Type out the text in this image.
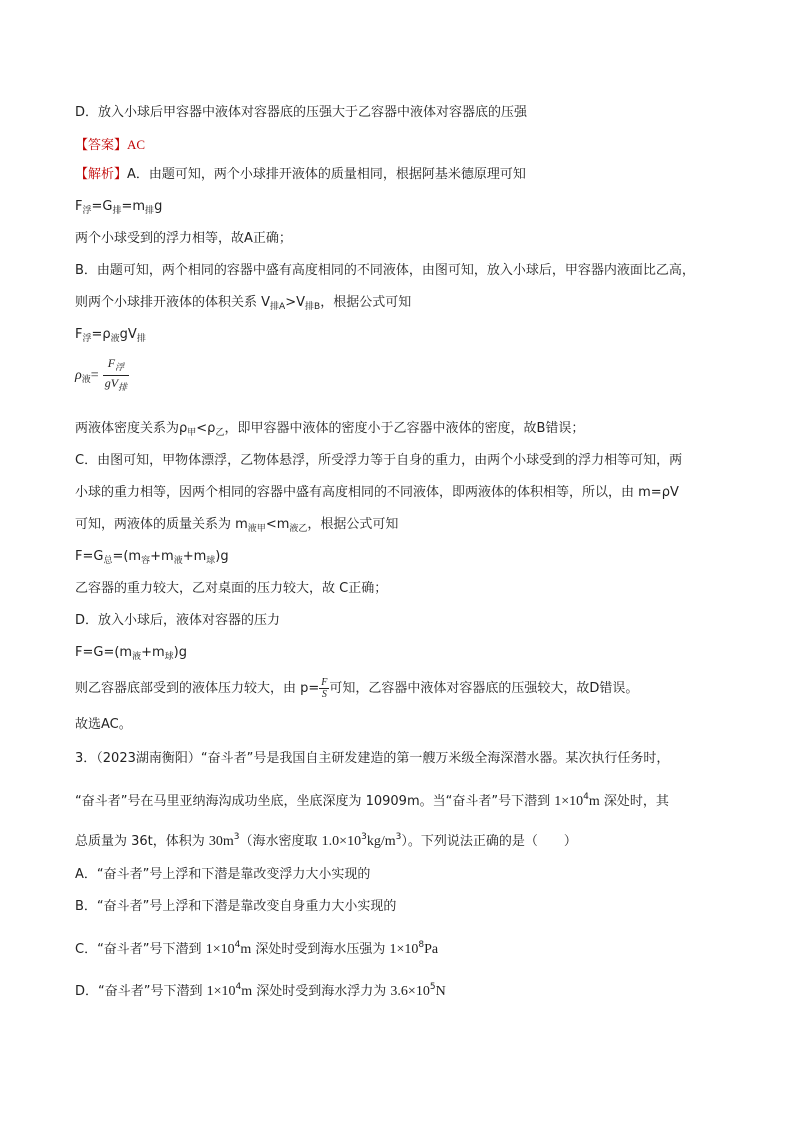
D．放入小球后甲容器中液体对容器底的压强大于乙容器中液体对容器底的压强
【答案】AC
【解析】A．由题可知，两个小球排开液体的质量相同，根据阿基米德原理可知
$F_浮=G_排=m_排g$
两个小球受到的浮力相等，故A正确；
B．由题可知，两个相同的容器中盛有高度相同的不同液体，由图可知，放入小球后，甲容器内液面比乙高，
则两个小球排开液体的体积关系 $V_{排A}>V_{排B}$，根据公式可知
$F_浮=\rho_液gV_排$
$\rho_液= \frac{F_浮}{gV_排}$
两液体密度关系为$\rho_甲<\rho_乙$，即甲容器中液体的密度小于乙容器中液体的密度，故B错误；
C．由图可知，甲物体漂浮，乙物体悬浮，所受浮力等于自身的重力，由两个小球受到的浮力相等可知，两
小球的重力相等，因两个相同的容器中盛有高度相同的不同液体，即两液体的体积相等，所以，由 m=ρV
可知，两液体的质量关系为 $m_{液甲}<m_{液乙}$，根据公式可知
$F=G_总=(m_容+m_液+m_球)g$
乙容器的重力较大，乙对桌面的压力较大，故 C正确；
D．放入小球后，液体对容器的压力
$F=G=(m_液+m_球)g$
则乙容器底部受到的液体压力较大，由 $p= \frac{F}{S}$ 可知，乙容器中液体对容器底的压强较大，故D错误。
故选AC。
3．（2023湖南衡阳）“奋斗者”号是我国自主研发建造的第一艘万米级全海深潜水器。某次执行任务时，
“奋斗者”号在马里亚纳海沟成功坐底，坐底深度为 10909m。当“奋斗者”号下潜到 $1\times 10^4m$ 深处时，其
总质量为 36t，体积为 $30m^3$（海水密度取 $1.0\times 10^3kg/m^3$）。下列说法正确的是（　　）
A．“奋斗者”号上浮和下潜是靠改变浮力大小实现的
B．“奋斗者”号上浮和下潜是靠改变自身重力大小实现的
C．“奋斗者”号下潜到 $1\times 10^4m$ 深处时受到海水压强为 $1\times 10^8Pa$
D．“奋斗者”号下潜到 $1\times 10^4m$ 深处时受到海水浮力为 $3.6\times 10^5N$
